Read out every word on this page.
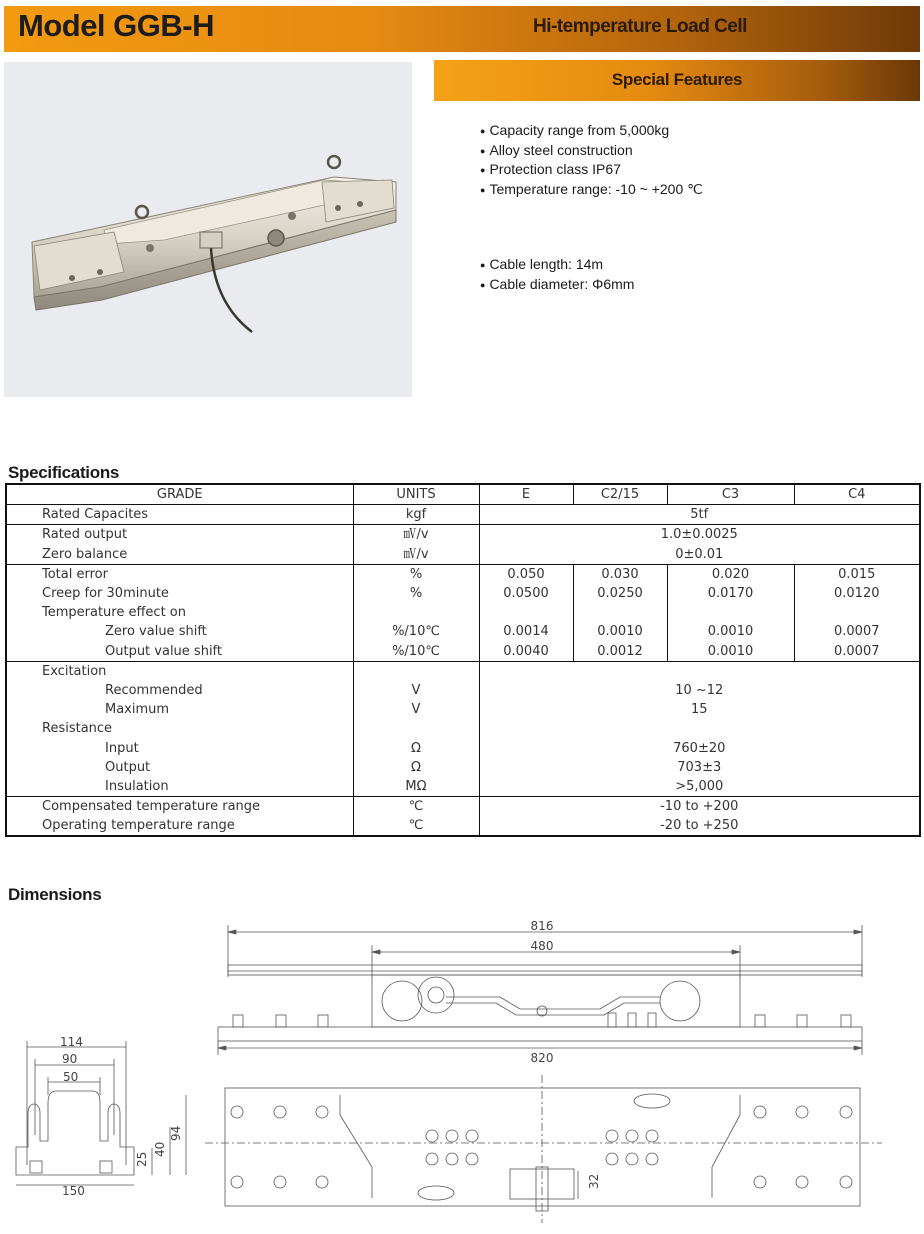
Model GGB-H	Hi-temperature Load Cell
Special Features
● Capacity range from 5,000kg
● Alloy steel construction
● Protection class IP67
● Temperature range: -10 ~ +200 ℃
● Cable length: 14m
● Cable diameter: Φ6mm
Specifications
GRADE	UNITS	E	C2/15	C3	C4
Rated Capacites	kgf	5tf			
Rated output	㎷/v	1.0±0.0025			
Zero balance	㎷/v	0±0.01			
Total error	%	0.050	0.030	0.020	0.015
Creep for 30minute	%	0.0500	0.0250	0.0170	0.0120
Temperature effect on					
Zero value shift	%/10℃	0.0014	0.0010	0.0010	0.0007
Output value shift	%/10℃	0.0040	0.0012	0.0010	0.0007
Excitation					
Recommended	V	10 ~12			
Maximum	V	15			
Resistance					
Input	Ω	760±20			
Output	Ω	703±3			
Insulation	MΩ	>5,000			
Compensated temperature range	℃	-10 to +200			
Operating temperature range	℃	-20 to +250			
Dimensions
816
480
820
114
90
50
150
94
40
25
32
